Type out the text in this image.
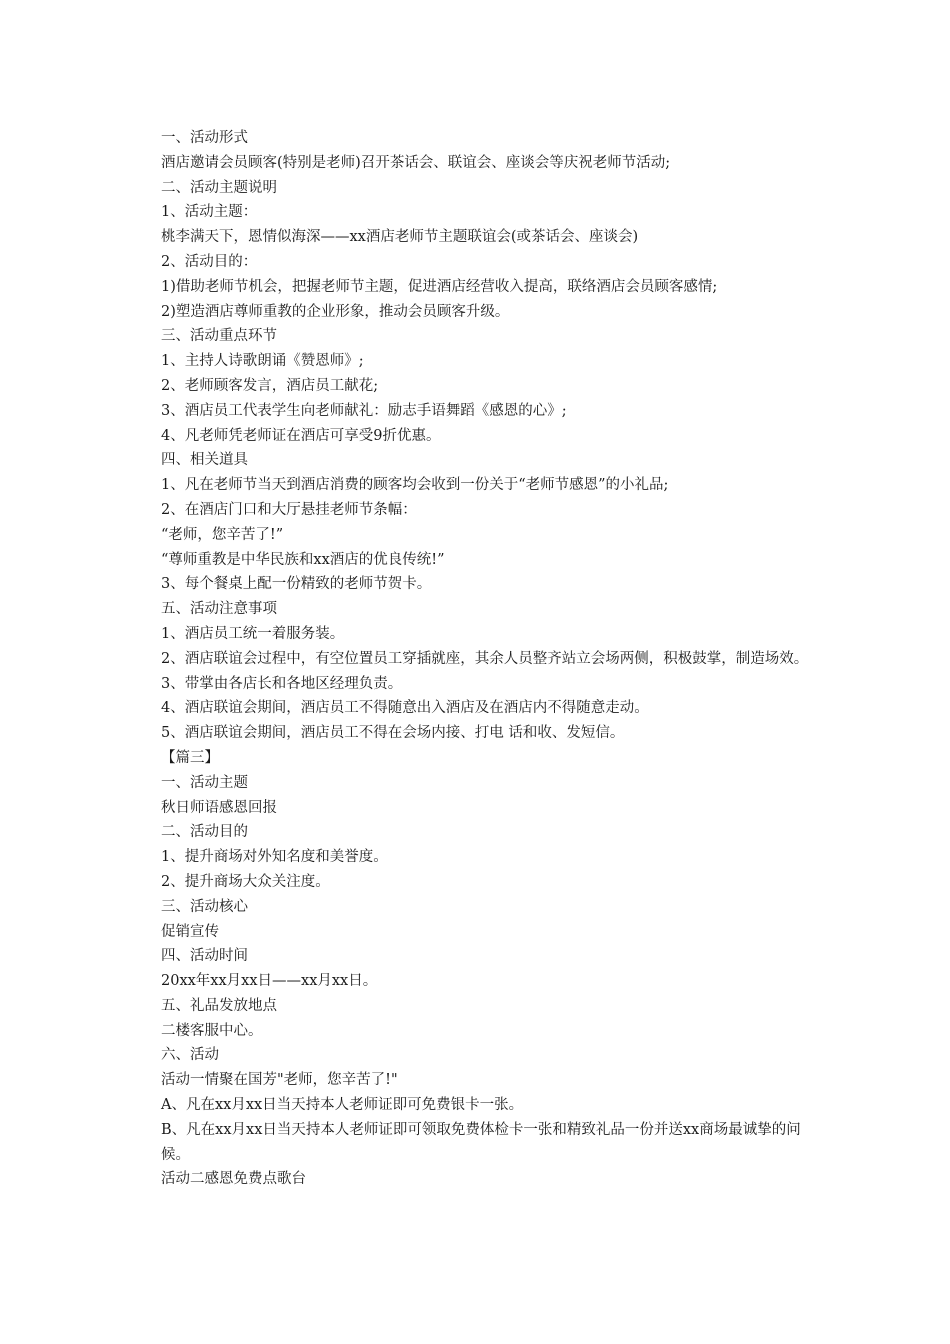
一、活动形式

酒店邀请会员顾客(特别是老师)召开茶话会、联谊会、座谈会等庆祝老师节活动;

二、活动主题说明

1、活动主题：

桃李满天下，恩情似海深——xx酒店老师节主题联谊会(或茶话会、座谈会)

2、活动目的：

1)借助老师节机会，把握老师节主题，促进酒店经营收入提高，联络酒店会员顾客感情;

2)塑造酒店尊师重教的企业形象，推动会员顾客升级。

三、活动重点环节

1、主持人诗歌朗诵《赞恩师》;

2、老师顾客发言，酒店员工献花;

3、酒店员工代表学生向老师献礼：励志手语舞蹈《感恩的心》;

4、凡老师凭老师证在酒店可享受9折优惠。

四、相关道具

1、凡在老师节当天到酒店消费的顾客均会收到一份关于“老师节感恩”的小礼品;

2、在酒店门口和大厅悬挂老师节条幅：

“老师，您辛苦了!”

“尊师重教是中华民族和xx酒店的优良传统!”

3、每个餐桌上配一份精致的老师节贺卡。

五、活动注意事项

1、酒店员工统一着服务装。

2、酒店联谊会过程中，有空位置员工穿插就座，其余人员整齐站立会场两侧，积极鼓掌，制造场效。

3、带掌由各店长和各地区经理负责。

4、酒店联谊会期间，酒店员工不得随意出入酒店及在酒店内不得随意走动。

5、酒店联谊会期间，酒店员工不得在会场内接、打电 话和收、发短信。

【篇三】

一、活动主题

秋日师语感恩回报

二、活动目的

1、提升商场对外知名度和美誉度。

2、提升商场大众关注度。

三、活动核心

促销宣传

四、活动时间

20xx年xx月xx日——xx月xx日。

五、礼品发放地点

二楼客服中心。

六、活动

活动一情聚在国芳"老师，您辛苦了!"

A、凡在xx月xx日当天持本人老师证即可免费银卡一张。

B、凡在xx月xx日当天持本人老师证即可领取免费体检卡一张和精致礼品一份并送xx商场最诚挚的问候。

活动二感恩免费点歌台
